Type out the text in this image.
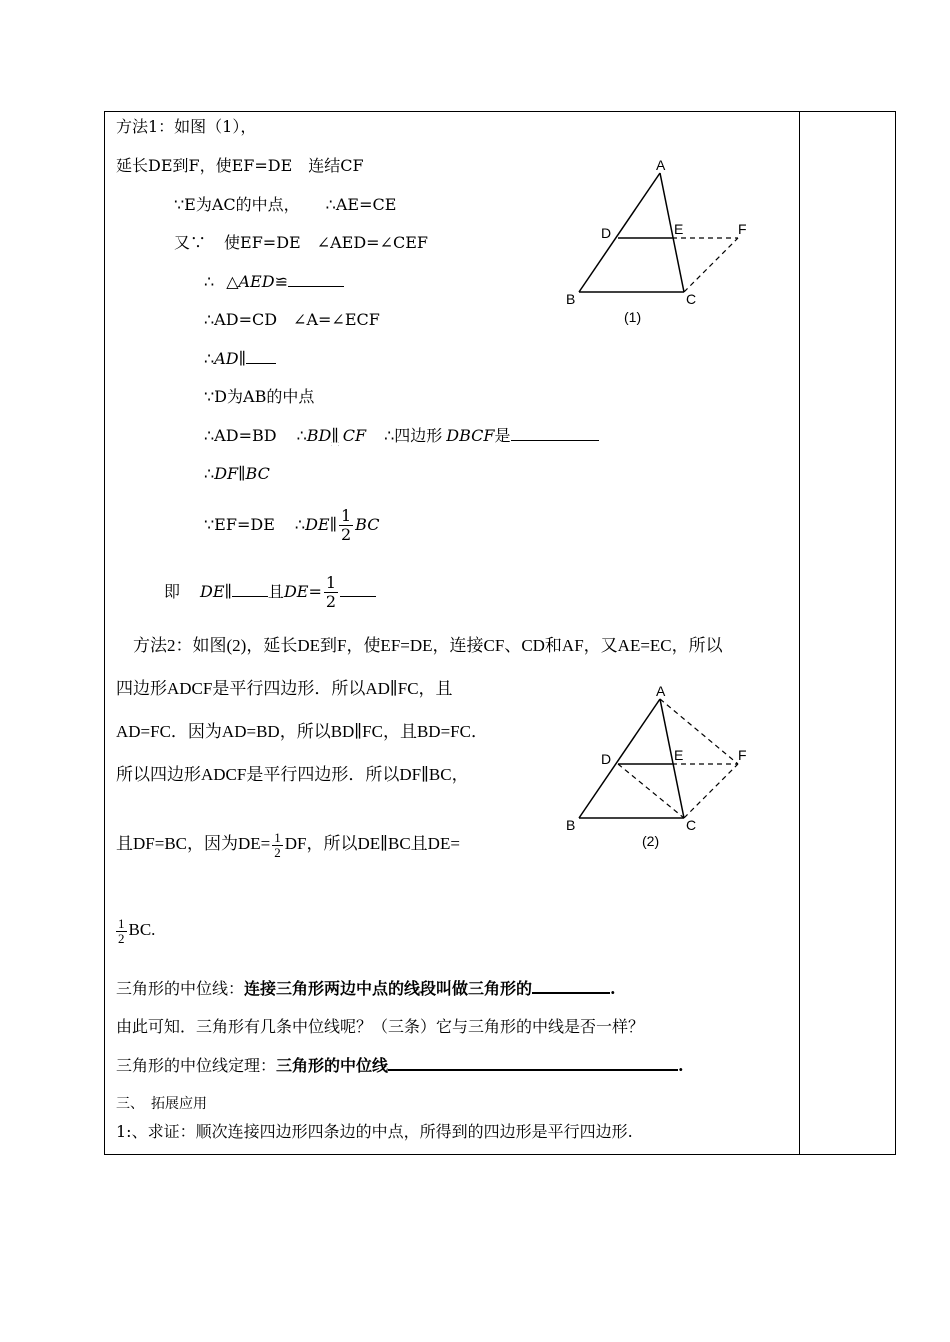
方法1：如图（1），
延长DE到F，使EF=DE　连结CF
∵E为AC的中点， ∴AE=CE
又∵ 使EF=DE　∠AED=∠CEF
∴ △AED≌
∴AD=CD　∠A=∠ECF
∴AD∥
∵D为AB的中点
∴AD=BD ∴BD∥ CF ∴四边形 DBCF是
∴DF∥BC
∵EF=DE ∴DE∥ $\frac{1}{2}$ BC
即 DE∥ 且$DE= \frac{1}{2}$
A
D	E	F
B	C
(1)
方法2：如图(2)，延长DE到F，使EF=DE，连接CF、CD和AF，又AE=EC，所以
四边形ADCF是平行四边形．所以AD∥FC，且
AD=FC．因为AD=BD，所以BD∥FC，且BD=FC．
所以四边形ADCF是平行四边形．所以DF∥BC，
且DF=BC，因为$DE= \frac{1}{2}$ DF，所以DE∥BC且DE=
$\frac{1}{2}$ BC.
A
D	E	F
B	C
(2)
三角形的中位线：连接三角形两边中点的线段叫做三角形的	.
由此可知．三角形有几条中位线呢？（三条）它与三角形的中线是否一样？
三角形的中位线定理：三角形的中位线	.
三、　拓展应用
1:、求证：顺次连接四边形四条边的中点，所得到的四边形是平行四边形.
